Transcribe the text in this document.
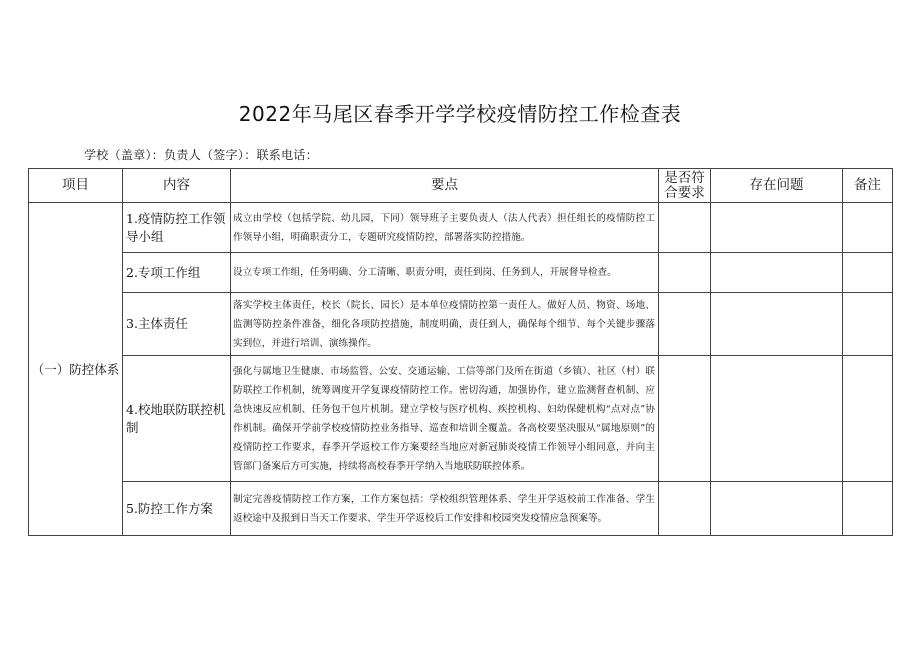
2022年马尾区春季开学学校疫情防控工作检查表
学校（盖章）：负责人（签字）：联系电话：
项目	内容	要点	是否符合要求	存在问题	备注
（一）防控体系	1.疫情防控工作领导小组	成立由学校（包括学院、幼儿园，下同）领导班子主要负责人（法人代表）担任组长的疫情防控工作领导小组，明确职责分工，专题研究疫情防控，部署落实防控措施。			
	2.专项工作组	设立专项工作组，任务明确、分工清晰、职责分明，责任到岗、任务到人，开展督导检查。			
	3.主体责任	落实学校主体责任，校长（院长、园长）是本单位疫情防控第一责任人。做好人员、物资、场地、监测等防控条件准备，细化各项防控措施，制度明确，责任到人，确保每个细节、每个关键步骤落实到位，并进行培训、演练操作。			
	4.校地联防联控机制	强化与属地卫生健康、市场监管、公安、交通运输、工信等部门及所在街道（乡镇）、社区（村）联防联控工作机制，统筹调度开学复课疫情防控工作。密切沟通，加强协作，建立监测督查机制、应急快速反应机制、任务包干包片机制。建立学校与医疗机构、疾控机构、妇幼保健机构“点对点”协作机制。确保开学前学校疫情防控业务指导、巡查和培训全覆盖。各高校要坚决服从“属地原则”的疫情防控工作要求，春季开学返校工作方案要经当地应对新冠肺炎疫情工作领导小组同意，并向主管部门备案后方可实施，持续将高校春季开学纳入当地联防联控体系。			
	5.防控工作方案	制定完善疫情防控工作方案，工作方案包括：学校组织管理体系、学生开学返校前工作准备、学生返校途中及报到日当天工作要求、学生开学返校后工作安排和校园突发疫情应急预案等。			
